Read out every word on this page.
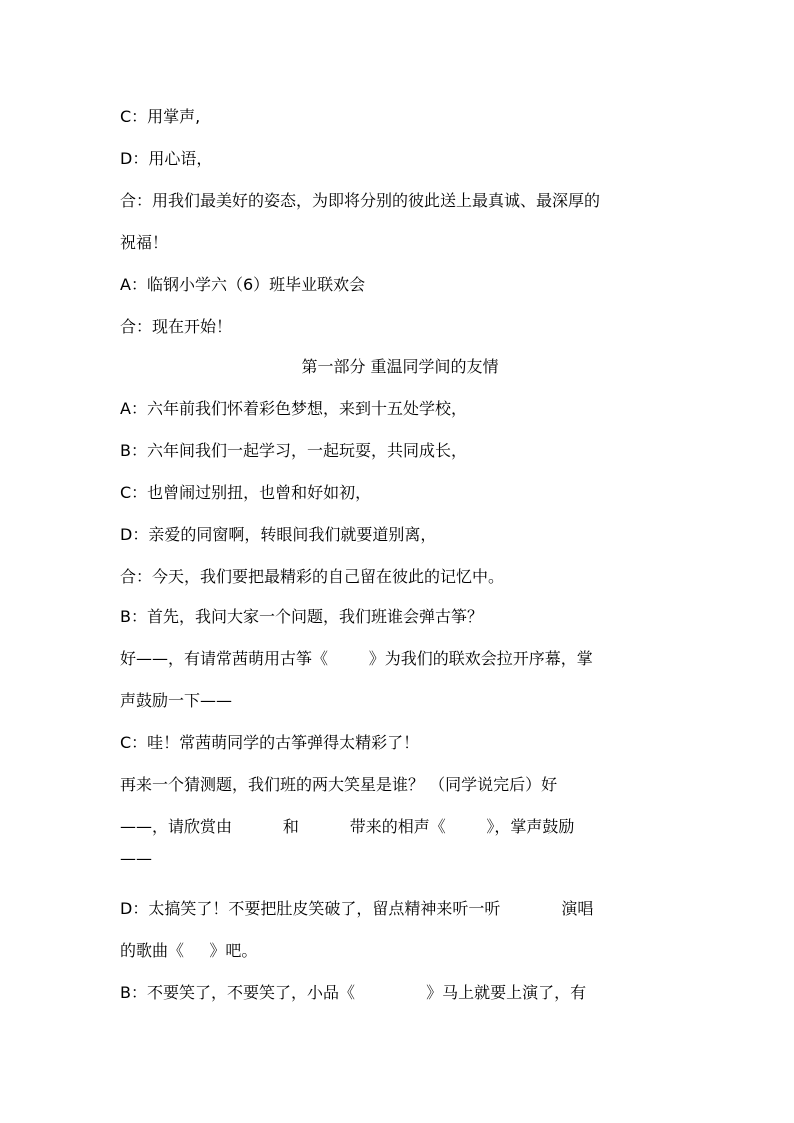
C：用掌声,
D：用心语，
合：用我们最美好的姿态，为即将分别的彼此送上最真诚、最深厚的
祝福！
A：临钢小学六（6）班毕业联欢会
合：现在开始！
第一部分 重温同学间的友情
A：六年前我们怀着彩色梦想，来到十五处学校，
B：六年间我们一起学习，一起玩耍，共同成长，
C：也曾闹过别扭，也曾和好如初，
D：亲爱的同窗啊，转眼间我们就要道别离，
合：今天，我们要把最精彩的自己留在彼此的记忆中。
B：首先，我问大家一个问题，我们班谁会弹古筝？
好——，有请常茜萌用古筝《        》为我们的联欢会拉开序幕，掌
声鼓励一下——
C：哇！常茜萌同学的古筝弹得太精彩了！
再来一个猜测题，我们班的两大笑星是谁？ （同学说完后）好
——，请欣赏由          和          带来的相声《        》，掌声鼓励
——
D：太搞笑了！不要把肚皮笑破了，留点精神来听一听            演唱
的歌曲《     》吧。
B：不要笑了，不要笑了，小品《              》马上就要上演了，有
